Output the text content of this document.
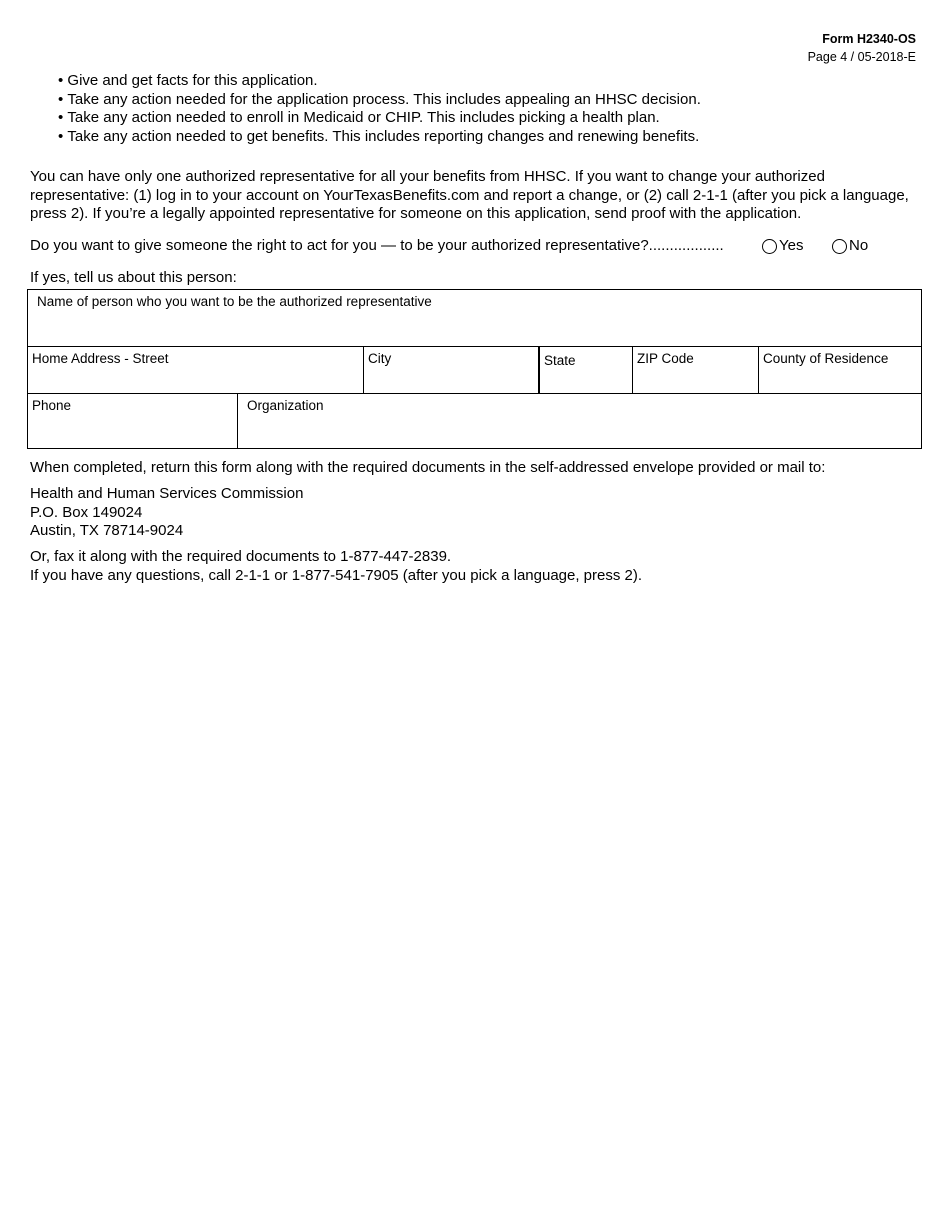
Form H2340-OS
Page 4 / 05-2018-E
• Give and get facts for this application.
• Take any action needed for the application process. This includes appealing an HHSC decision.
• Take any action needed to enroll in Medicaid or CHIP. This includes picking a health plan.
• Take any action needed to get benefits. This includes reporting changes and renewing benefits.

You can have only one authorized representative for all your benefits from HHSC. If you want to change your authorized representative: (1) log in to your account on YourTexasBenefits.com and report a change, or (2) call 2-1-1 (after you pick a language, press 2). If you’re a legally appointed representative for someone on this application, send proof with the application.

Do you want to give someone the right to act for you — to be your authorized representative?..................	Yes	No

If yes, tell us about this person:

Name of person who you want to be the authorized representative
Home Address - Street	City	State	ZIP Code	County of Residence
Phone	Organization

When completed, return this form along with the required documents in the self-addressed envelope provided or mail to:

Health and Human Services Commission
P.O. Box 149024
Austin, TX 78714-9024
Or, fax it along with the required documents to 1-877-447-2839.
If you have any questions, call 2-1-1 or 1-877-541-7905 (after you pick a language, press 2).
